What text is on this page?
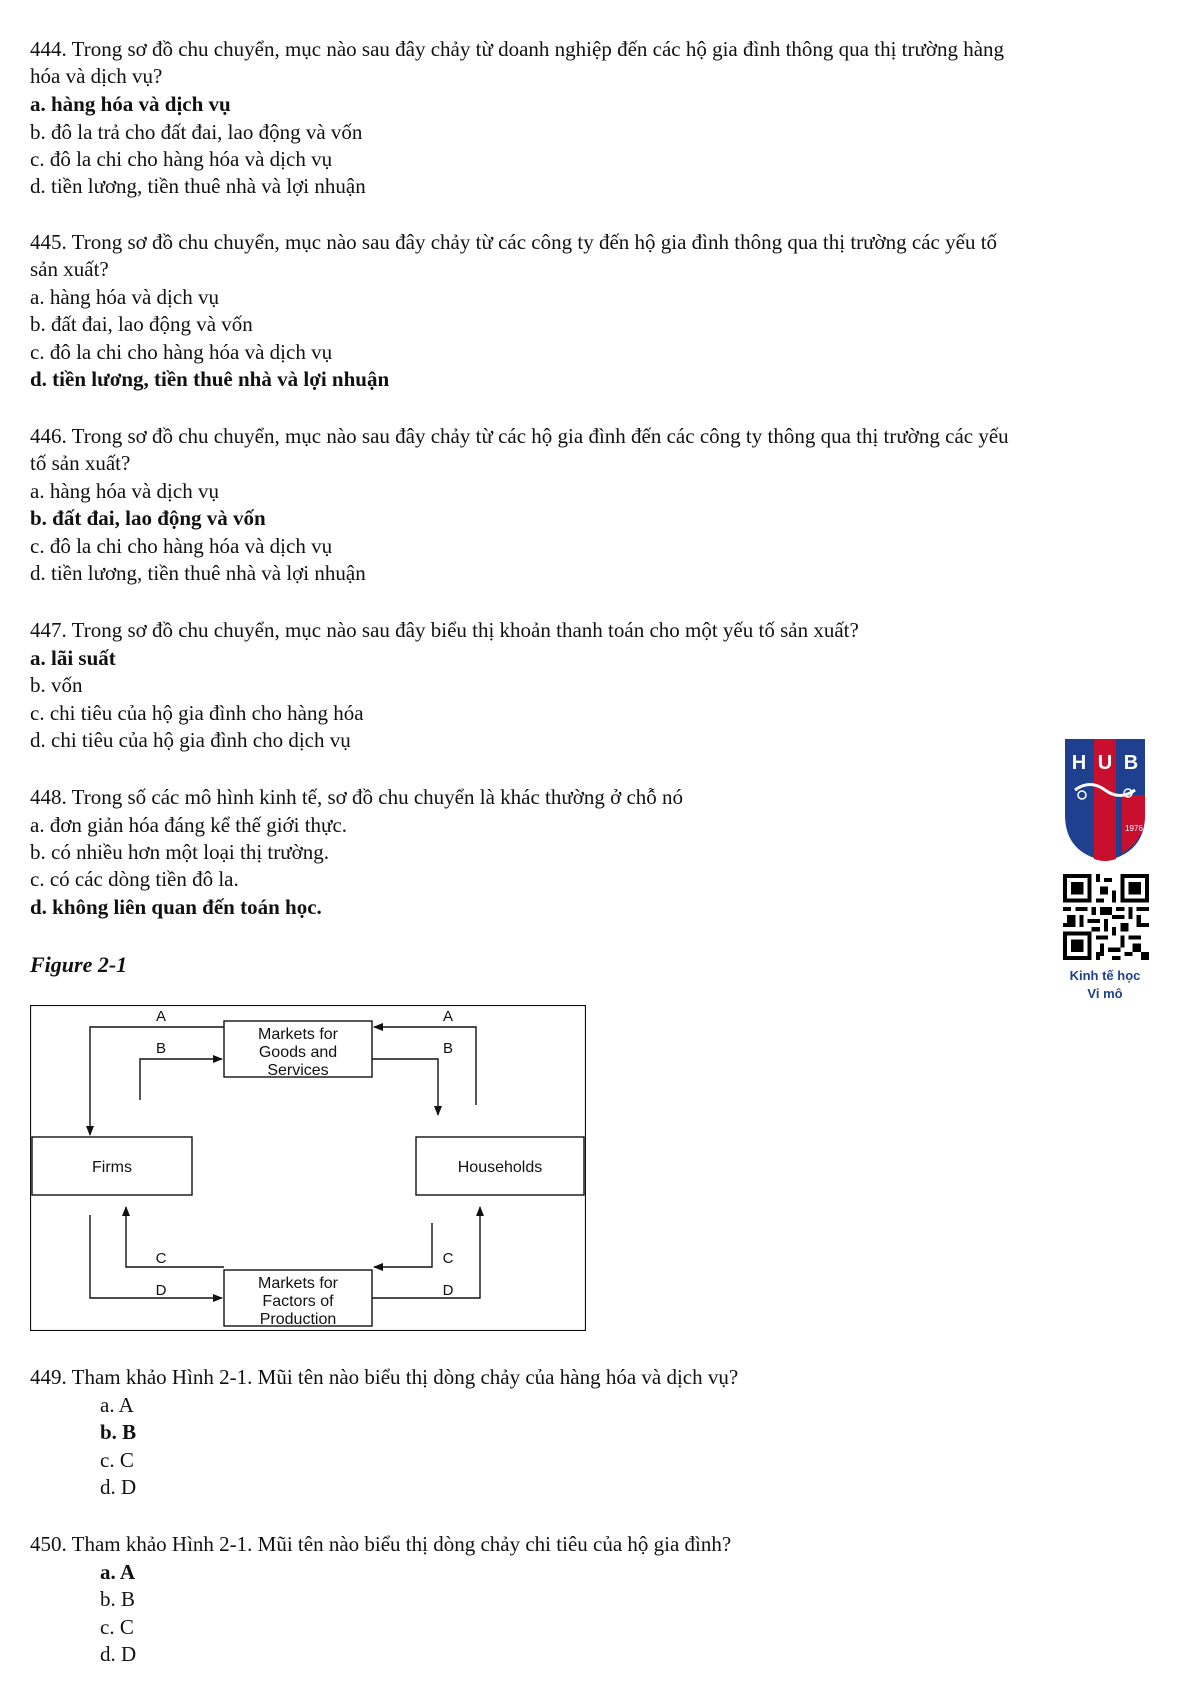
444. Trong sơ đồ chu chuyển, mục nào sau đây chảy từ doanh nghiệp đến các hộ gia đình thông qua thị trường hàng
hóa và dịch vụ?
a. hàng hóa và dịch vụ
b. đô la trả cho đất đai, lao động và vốn
c. đô la chi cho hàng hóa và dịch vụ
d. tiền lương, tiền thuê nhà và lợi nhuận
445. Trong sơ đồ chu chuyển, mục nào sau đây chảy từ các công ty đến hộ gia đình thông qua thị trường các yếu tố
sản xuất?
a. hàng hóa và dịch vụ
b. đất đai, lao động và vốn
c. đô la chi cho hàng hóa và dịch vụ
d. tiền lương, tiền thuê nhà và lợi nhuận
446. Trong sơ đồ chu chuyển, mục nào sau đây chảy từ các hộ gia đình đến các công ty thông qua thị trường các yếu
tố sản xuất?
a. hàng hóa và dịch vụ
b. đất đai, lao động và vốn
c. đô la chi cho hàng hóa và dịch vụ
d. tiền lương, tiền thuê nhà và lợi nhuận
447. Trong sơ đồ chu chuyển, mục nào sau đây biểu thị khoản thanh toán cho một yếu tố sản xuất?
a. lãi suất
b. vốn
c. chi tiêu của hộ gia đình cho hàng hóa
d. chi tiêu của hộ gia đình cho dịch vụ
448. Trong số các mô hình kinh tế, sơ đồ chu chuyển là khác thường ở chỗ nó
a. đơn giản hóa đáng kể thế giới thực.
b. có nhiều hơn một loại thị trường.
c. có các dòng tiền đô la.
d. không liên quan đến toán học.
Figure 2-1
H U B
1976
Kinh tế học
Vi mô
Markets for
Goods and
Services
Markets for
Factors of
Production
Firms	Households
A
B
A
B
C
D
C
D
449. Tham khảo Hình 2-1. Mũi tên nào biểu thị dòng chảy của hàng hóa và dịch vụ?
a. A
b. B
c. C
d. D
450. Tham khảo Hình 2-1. Mũi tên nào biểu thị dòng chảy chi tiêu của hộ gia đình?
a. A
b. B
c. C
d. D
